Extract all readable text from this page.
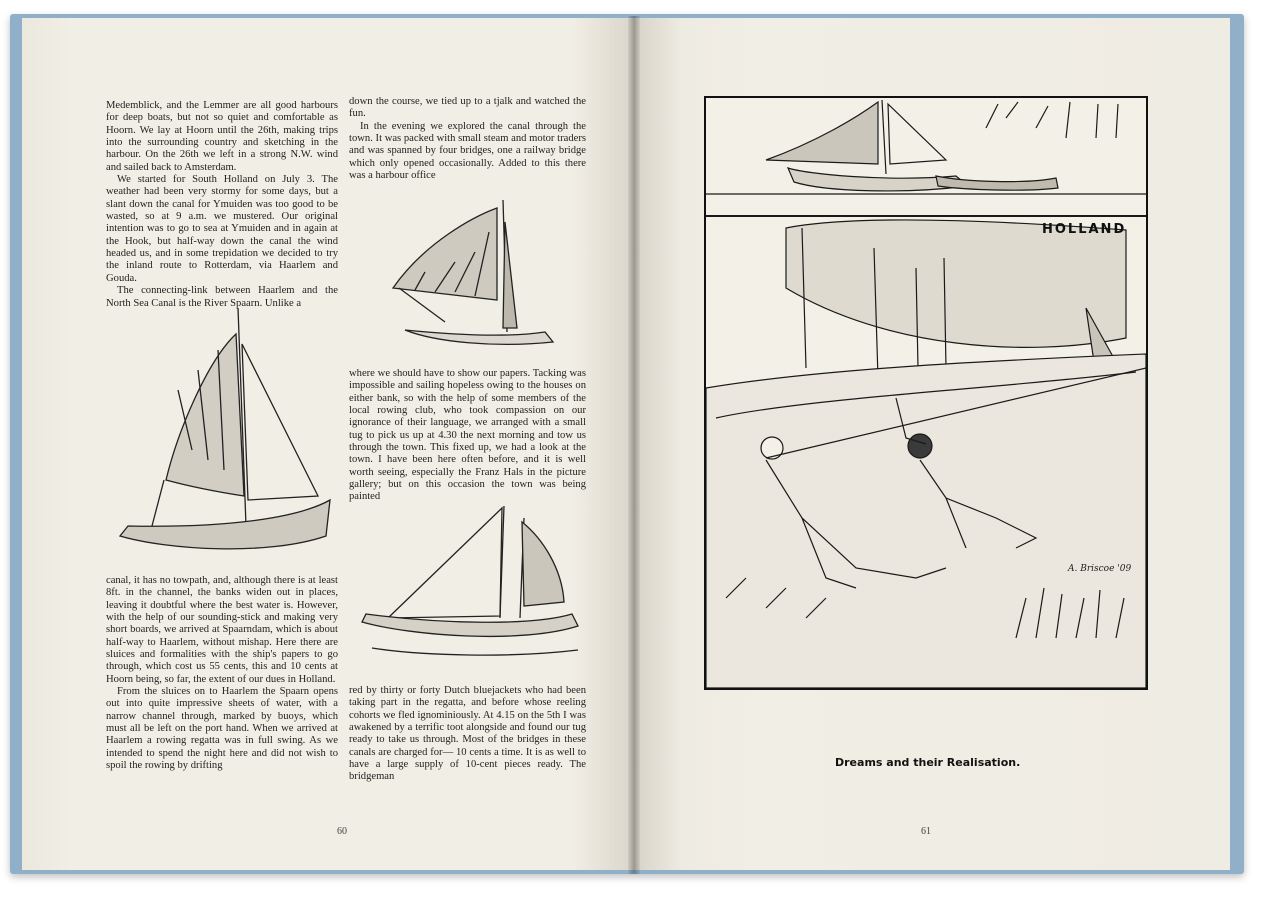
Medemblick, and the Lemmer are all good harbours for deep boats, but not so quiet and comfortable as Hoorn. We lay at Hoorn until the 26th, making trips into the surrounding country and sketching in the harbour. On the 26th we left in a strong N.W. wind and sailed back to Amsterdam.

We started for South Holland on July 3. The weather had been very stormy for some days, but a slant down the canal for Ymuiden was too good to be wasted, so at 9 a.m. we mustered. Our original intention was to go to sea at Ymuiden and in again at the Hook, but half-way down the canal the wind headed us, and in some trepidation we decided to try the inland route to Rotterdam, via Haarlem and Gouda.

The connecting-link between Haarlem and the North Sea Canal is the River Spaarn. Unlike a

down the course, we tied up to a tjalk and watched the fun.

In the evening we explored the canal through the town. It was packed with small steam and motor traders and was spanned by four bridges, one a railway bridge which only opened occasionally. Added to this there was a harbour office

where we should have to show our papers. Tacking was impossible and sailing hopeless owing to the houses on either bank, so with the help of some members of the local rowing club, who took compassion on our ignorance of their language, we arranged with a small tug to pick us up at 4.30 the next morning and tow us through the town. This fixed up, we had a look at the town. I have been here often before, and it is well worth seeing, especially the Franz Hals in the picture gallery; but on this occasion the town was being painted

canal, it has no towpath, and, although there is at least 8ft. in the channel, the banks widen out in places, leaving it doubtful where the best water is. However, with the help of our sounding-stick and making very short boards, we arrived at Spaarndam, which is about half-way to Haarlem, without mishap. Here there are sluices and formalities with the ship's papers to go through, which cost us 55 cents, this and 10 cents at Hoorn being, so far, the extent of our dues in Holland.

From the sluices on to Haarlem the Spaarn opens out into quite impressive sheets of water, with a narrow channel through, marked by buoys, which must all be left on the port hand. When we arrived at Haarlem a rowing regatta was in full swing. As we intended to spend the night here and did not wish to spoil the rowing by drifting

red by thirty or forty Dutch bluejackets who had been taking part in the regatta, and before whose reeling cohorts we fled ignominiously. At 4.15 on the 5th I was awakened by a terrific toot alongside and found our tug ready to take us through. Most of the bridges in these canals are charged for— 10 cents a time. It is as well to have a large supply of 10-cent pieces ready. The bridgeman

60
HOLLAND
A. Briscoe '09
Dreams and their Realisation.
61
